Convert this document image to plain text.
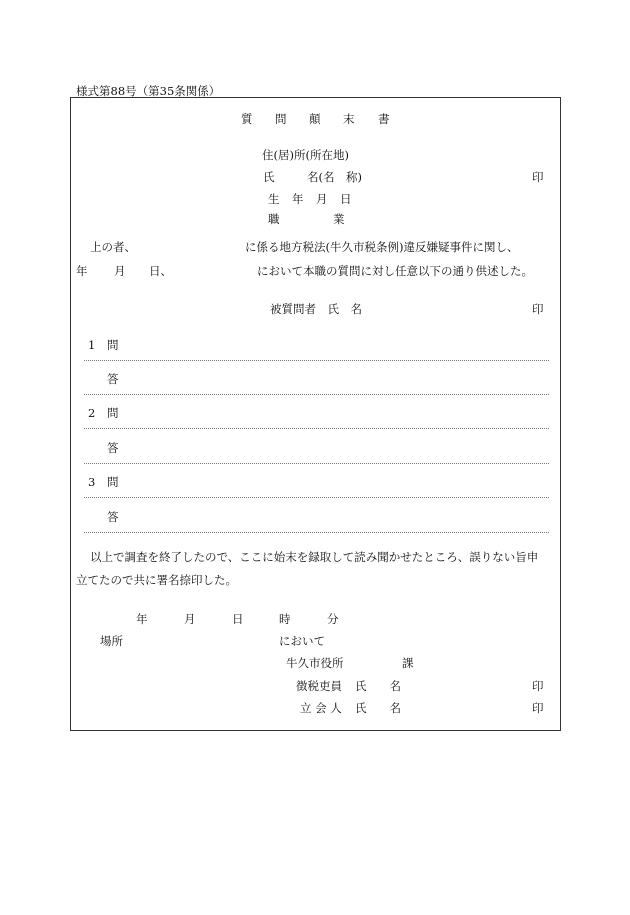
様式第88号（第35条関係）
質 問 顛 末 書
住(居)所(所在地)
氏	名(名　称)	印
生 年 月 日
職	業
上の者、	に係る地方税法(牛久市税条例)違反嫌疑事件に関し、
年 月 日、	において本職の質問に対し任意以下の通り供述した。
被質問者　氏　名	印
1 問
答
2 問
答
3 問
答
以上で調査を終了したので、ここに始末を録取して読み聞かせたところ、誤りない旨申
立てたので共に署名捺印した。
年	月	日	時	分
場所	において
牛久市役所	課
徴税吏員 氏　　名	印
立 会 人 氏　　名	印
